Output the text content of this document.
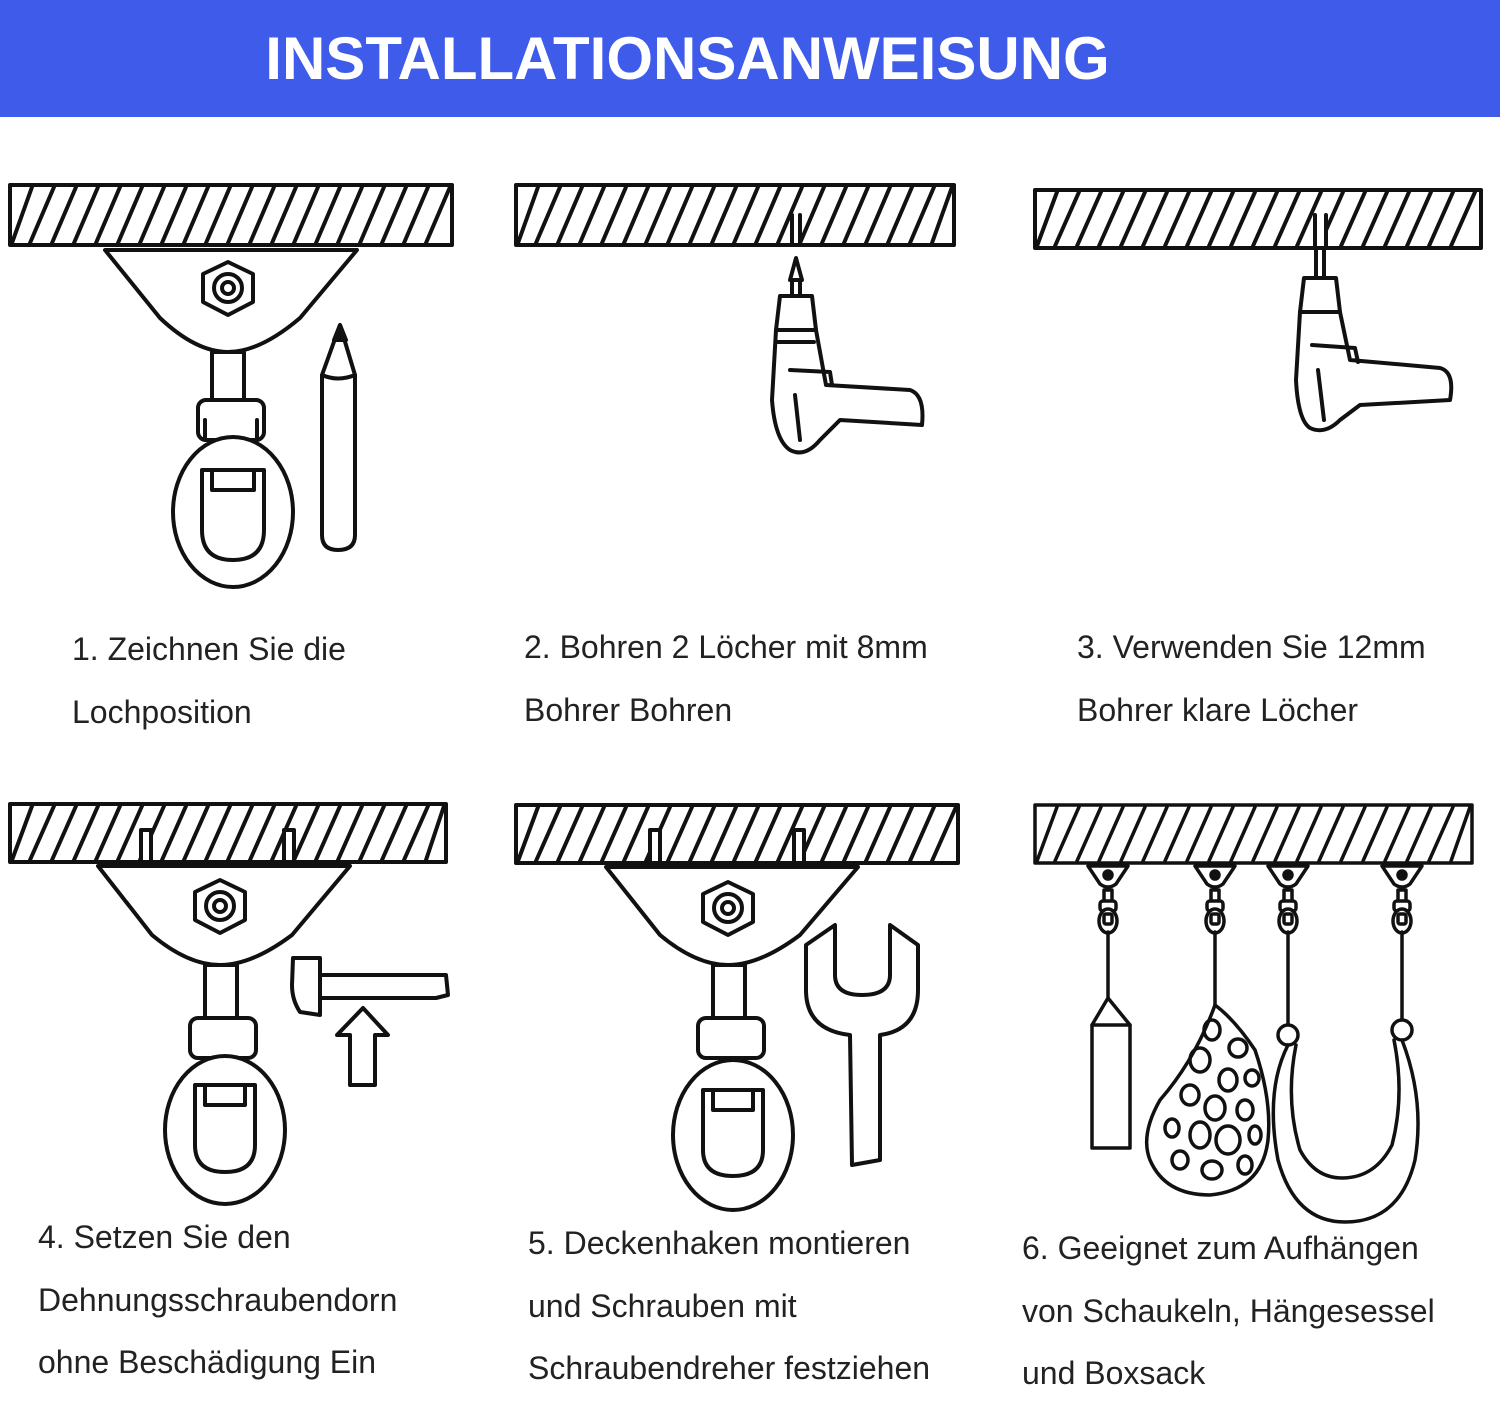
INSTALLATIONSANWEISUNG
1. Zeichnen Sie die
Lochposition
2. Bohren 2 Löcher mit 8mm
Bohrer Bohren
3. Verwenden Sie 12mm
Bohrer klare Löcher
4. Setzen Sie den
Dehnungsschraubendorn
ohne Beschädigung Ein
5. Deckenhaken montieren
und Schrauben mit
Schraubendreher festziehen
6. Geeignet zum Aufhängen
von Schaukeln, Hängesessel
und Boxsack
